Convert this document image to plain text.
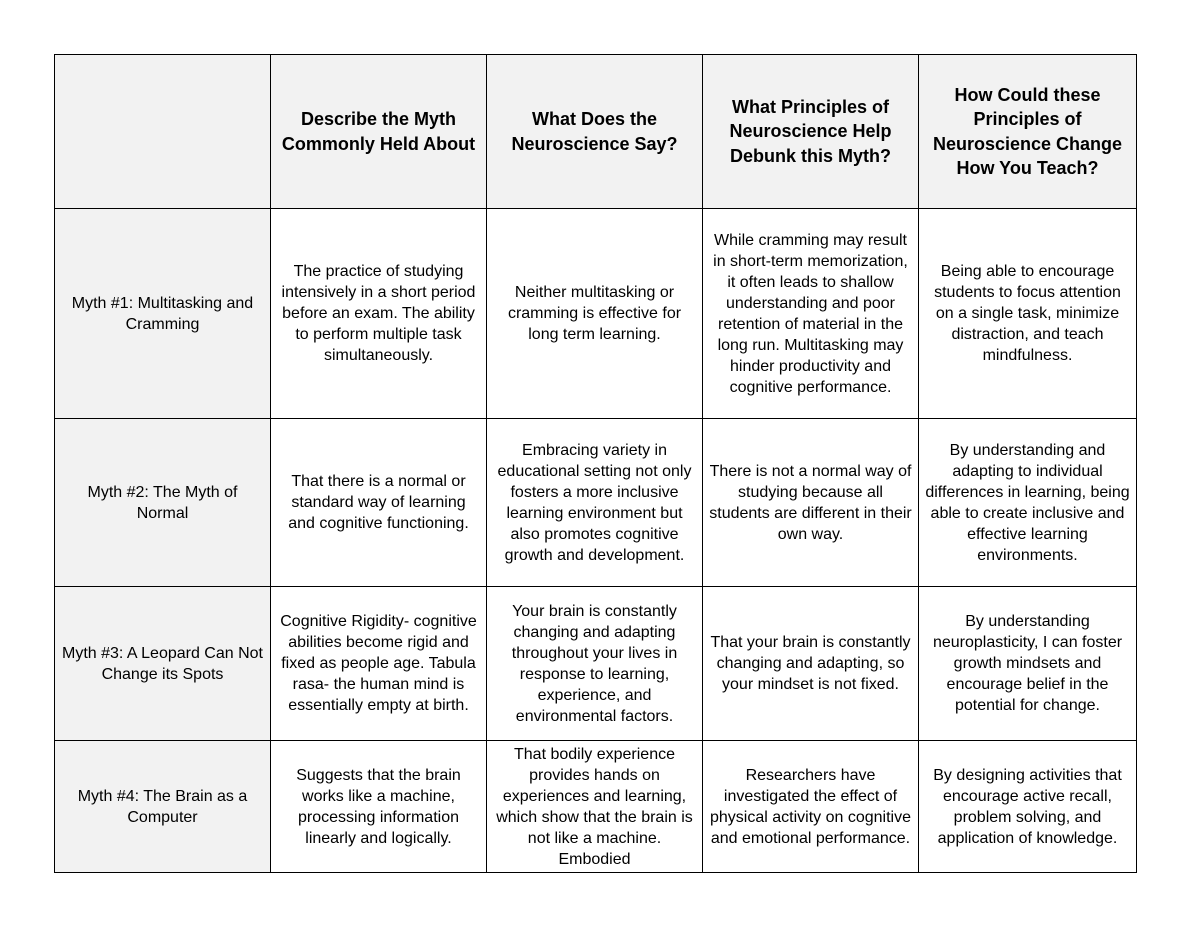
	Describe the Myth Commonly Held About	What Does the Neuroscience Say?	What Principles of Neuroscience Help Debunk this Myth?	How Could these Principles of Neuroscience Change How You Teach?
Myth #1: Multitasking and Cramming	The practice of studying intensively in a short period before an exam. The ability to perform multiple task simultaneously.	Neither multitasking or cramming is effective for long term learning.	While cramming may result in short-term memorization, it often leads to shallow understanding and poor retention of material in the long run. Multitasking may hinder productivity and cognitive performance.	Being able to encourage students to focus attention on a single task, minimize distraction, and teach mindfulness.
Myth #2: The Myth of Normal	That there is a normal or standard way of learning and cognitive functioning.	Embracing variety in educational setting not only fosters a more inclusive learning environment but also promotes cognitive growth and development.	There is not a normal way of studying because all students are different in their own way.	By understanding and adapting to individual differences in learning, being able to create inclusive and effective learning environments.
Myth #3: A Leopard Can Not Change its Spots	Cognitive Rigidity- cognitive abilities become rigid and fixed as people age. Tabula rasa- the human mind is essentially empty at birth.	Your brain is constantly changing and adapting throughout your lives in response to learning, experience, and environmental factors.	That your brain is constantly changing and adapting, so your mindset is not fixed.	By understanding neuroplasticity, I can foster growth mindsets and encourage belief in the potential for change.
Myth #4: The Brain as a Computer	Suggests that the brain works like a machine, processing information linearly and logically.	That bodily experience provides hands on experiences and learning, which show that the brain is not like a machine. Embodied	Researchers have investigated the effect of physical activity on cognitive and emotional performance.	By designing activities that encourage active recall, problem solving, and application of knowledge.
